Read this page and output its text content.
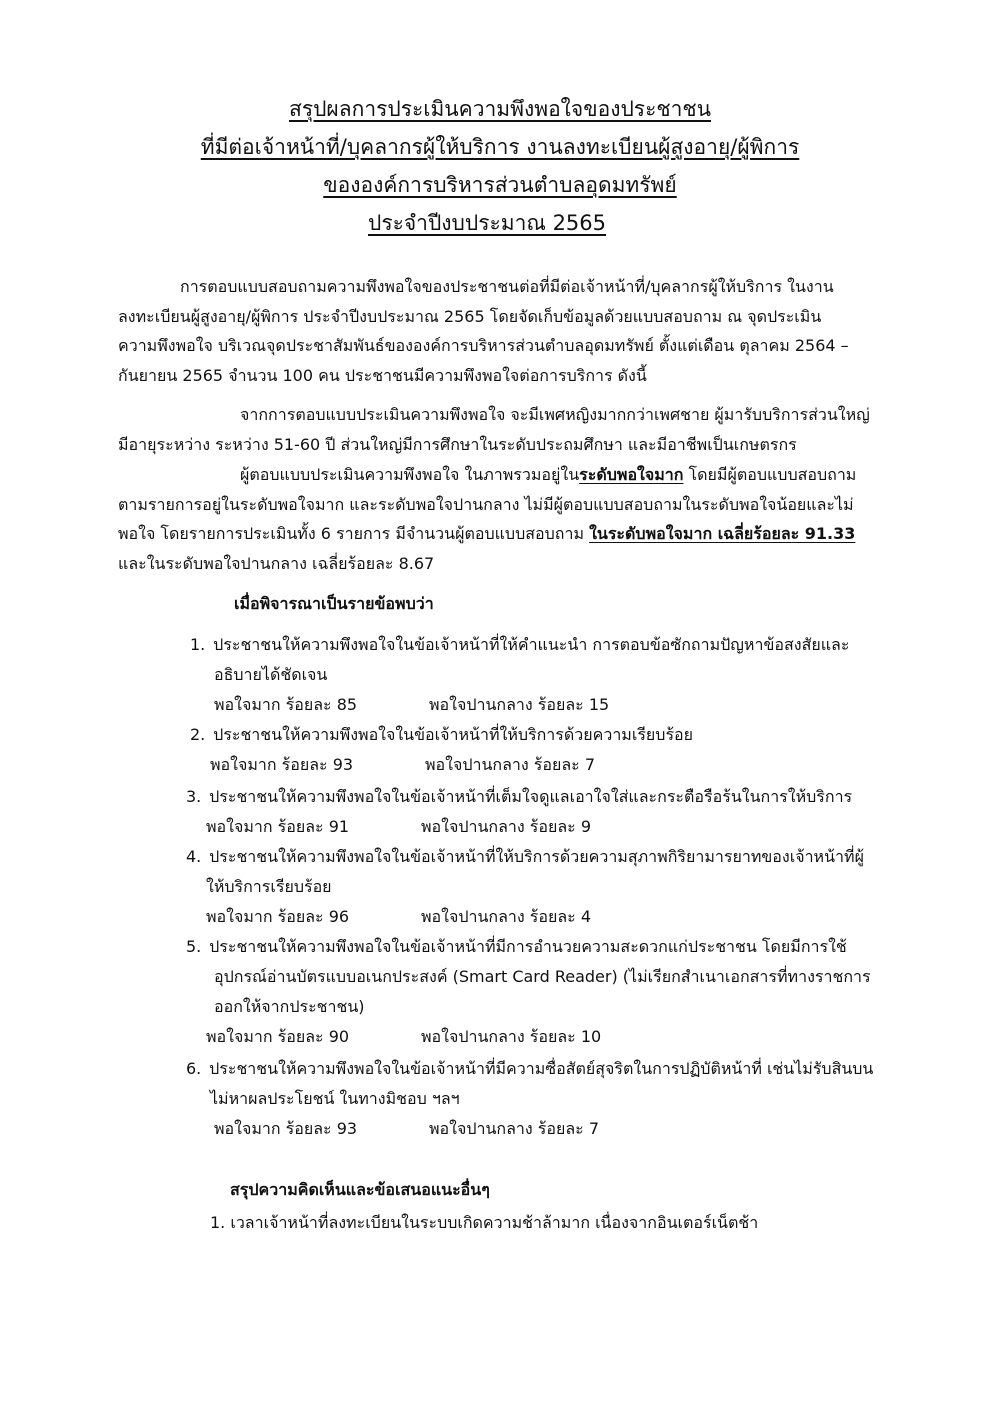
สรุปผลการประเมินความพึงพอใจของประชาชน
ที่มีต่อเจ้าหน้าที่/บุคลากรผู้ให้บริการ งานลงทะเบียนผู้สูงอายุ/ผู้พิการ
ขององค์การบริหารส่วนตำบลอุดมทรัพย์
ประจำปีงบประมาณ 2565
การตอบแบบสอบถามความพึงพอใจของประชาชนต่อที่มีต่อเจ้าหน้าที่/บุคลากรผู้ให้บริการ ในงาน
ลงทะเบียนผู้สูงอายุ/ผู้พิการ ประจำปีงบประมาณ 2565 โดยจัดเก็บข้อมูลด้วยแบบสอบถาม ณ จุดประเมิน
ความพึงพอใจ บริเวณจุดประชาสัมพันธ์ขององค์การบริหารส่วนตำบลอุดมทรัพย์ ตั้งแต่เดือน ตุลาคม 2564 –
กันยายน 2565 จำนวน 100 คน ประชาชนมีความพึงพอใจต่อการบริการ ดังนี้
จากการตอบแบบประเมินความพึงพอใจ จะมีเพศหญิงมากกว่าเพศชาย ผู้มารับบริการส่วนใหญ่
มีอายุระหว่าง ระหว่าง 51-60 ปี ส่วนใหญ่มีการศึกษาในระดับประถมศึกษา และมีอาชีพเป็นเกษตรกร
ผู้ตอบแบบประเมินความพึงพอใจ ในภาพรวมอยู่ในระดับพอใจมาก โดยมีผู้ตอบแบบสอบถาม
ตามรายการอยู่ในระดับพอใจมาก และระดับพอใจปานกลาง ไม่มีผู้ตอบแบบสอบถามในระดับพอใจน้อยและไม่
พอใจ โดยรายการประเมินทั้ง 6 รายการ มีจำนวนผู้ตอบแบบสอบถาม ในระดับพอใจมาก เฉลี่ยร้อยละ 91.33
และในระดับพอใจปานกลาง เฉลี่ยร้อยละ 8.67
เมื่อพิจารณาเป็นรายข้อพบว่า
1. ประชาชนให้ความพึงพอใจในข้อเจ้าหน้าที่ให้คำแนะนำ การตอบข้อซักถามปัญหาข้อสงสัยและ
อธิบายได้ชัดเจน
พอใจมาก ร้อยละ 85	พอใจปานกลาง ร้อยละ 15
2. ประชาชนให้ความพึงพอใจในข้อเจ้าหน้าที่ให้บริการด้วยความเรียบร้อย
พอใจมาก ร้อยละ 93	พอใจปานกลาง ร้อยละ 7
3. ประชาชนให้ความพึงพอใจในข้อเจ้าหน้าที่เต็มใจดูแลเอาใจใส่และกระตือรือร้นในการให้บริการ
พอใจมาก ร้อยละ 91	พอใจปานกลาง ร้อยละ 9
4. ประชาชนให้ความพึงพอใจในข้อเจ้าหน้าที่ให้บริการด้วยความสุภาพกิริยามารยาทของเจ้าหน้าที่ผู้
ให้บริการเรียบร้อย
พอใจมาก ร้อยละ 96	พอใจปานกลาง ร้อยละ 4
5. ประชาชนให้ความพึงพอใจในข้อเจ้าหน้าที่มีการอำนวยความสะดวกแก่ประชาชน โดยมีการใช้
อุปกรณ์อ่านบัตรแบบอเนกประสงค์ (Smart Card Reader) (ไม่เรียกสำเนาเอกสารที่ทางราชการ
ออกให้จากประชาชน)
พอใจมาก ร้อยละ 90	พอใจปานกลาง ร้อยละ 10
6. ประชาชนให้ความพึงพอใจในข้อเจ้าหน้าที่มีความซื่อสัตย์สุจริตในการปฏิบัติหน้าที่ เช่นไม่รับสินบน
ไม่หาผลประโยชน์ ในทางมิชอบ ฯลฯ
พอใจมาก ร้อยละ 93	พอใจปานกลาง ร้อยละ 7
สรุปความคิดเห็นและข้อเสนอแนะอื่นๆ
1. เวลาเจ้าหน้าที่ลงทะเบียนในระบบเกิดความช้าล้ามาก เนื่องจากอินเตอร์เน็ตช้า
